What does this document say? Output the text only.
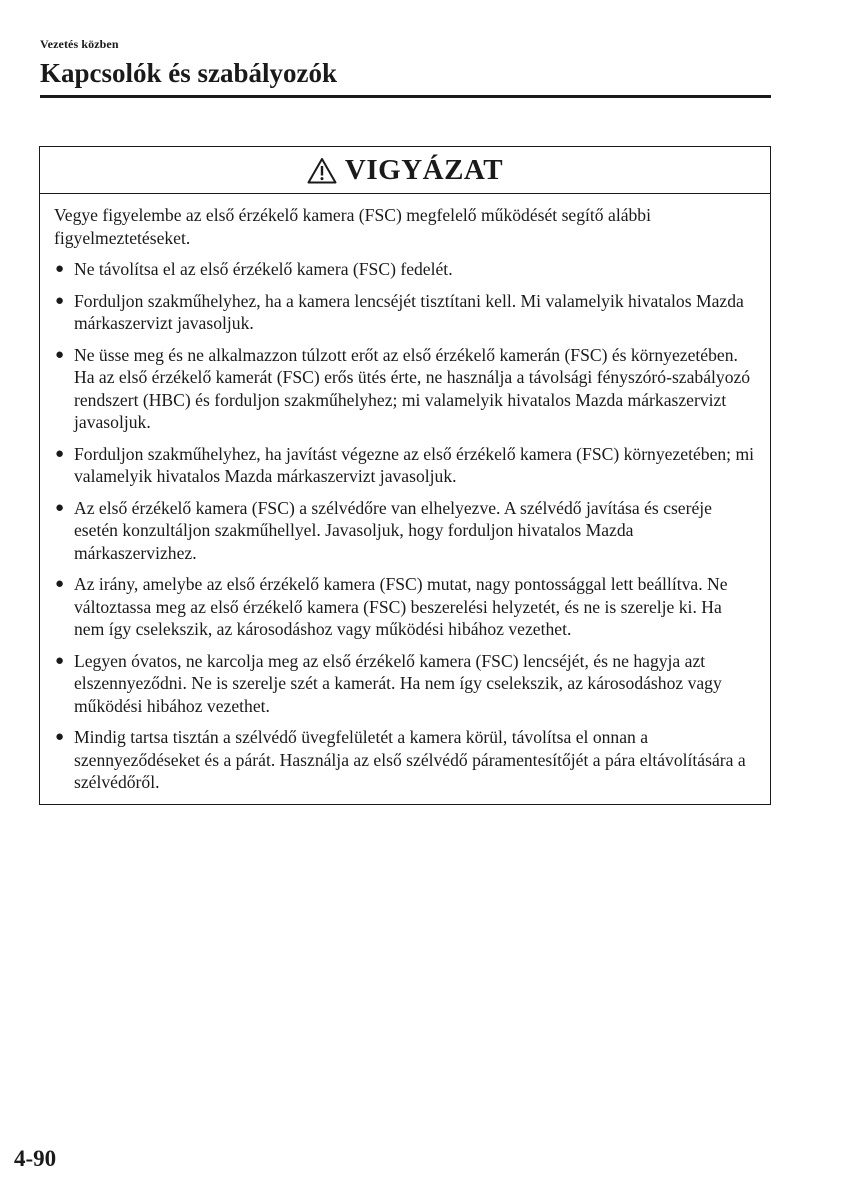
Vezetés közben
Kapcsolók és szabályozók
VIGYÁZAT

Vegye figyelembe az első érzékelő kamera (FSC) megfelelő működését segítő alábbi figyelmeztetéseket.

● Ne távolítsa el az első érzékelő kamera (FSC) fedelét.
● Forduljon szakműhelyhez, ha a kamera lencséjét tisztítani kell. Mi valamelyik hivatalos Mazda márkaszervizt javasoljuk.
● Ne üsse meg és ne alkalmazzon túlzott erőt az első érzékelő kamerán (FSC) és környezetében. Ha az első érzékelő kamerát (FSC) erős ütés érte, ne használja a távolsági fényszóró-szabályozó rendszert (HBC) és forduljon szakműhelyhez; mi valamelyik hivatalos Mazda márkaszervizt javasoljuk.
● Forduljon szakműhelyhez, ha javítást végezne az első érzékelő kamera (FSC) környezetében; mi valamelyik hivatalos Mazda márkaszervizt javasoljuk.
● Az első érzékelő kamera (FSC) a szélvédőre van elhelyezve. A szélvédő javítása és cseréje esetén konzultáljon szakműhellyel. Javasoljuk, hogy forduljon hivatalos Mazda márkaszervizhez.
● Az irány, amelybe az első érzékelő kamera (FSC) mutat, nagy pontossággal lett beállítva. Ne változtassa meg az első érzékelő kamera (FSC) beszerelési helyzetét, és ne is szerelje ki. Ha nem így cselekszik, az károsodáshoz vagy működési hibához vezethet.
● Legyen óvatos, ne karcolja meg az első érzékelő kamera (FSC) lencséjét, és ne hagyja azt elszennyeződni. Ne is szerelje szét a kamerát. Ha nem így cselekszik, az károsodáshoz vagy működési hibához vezethet.
● Mindig tartsa tisztán a szélvédő üvegfelületét a kamera körül, távolítsa el onnan a szennyeződéseket és a párát. Használja az első szélvédő páramentesítőjét a pára eltávolítására a szélvédőről.
4-90
